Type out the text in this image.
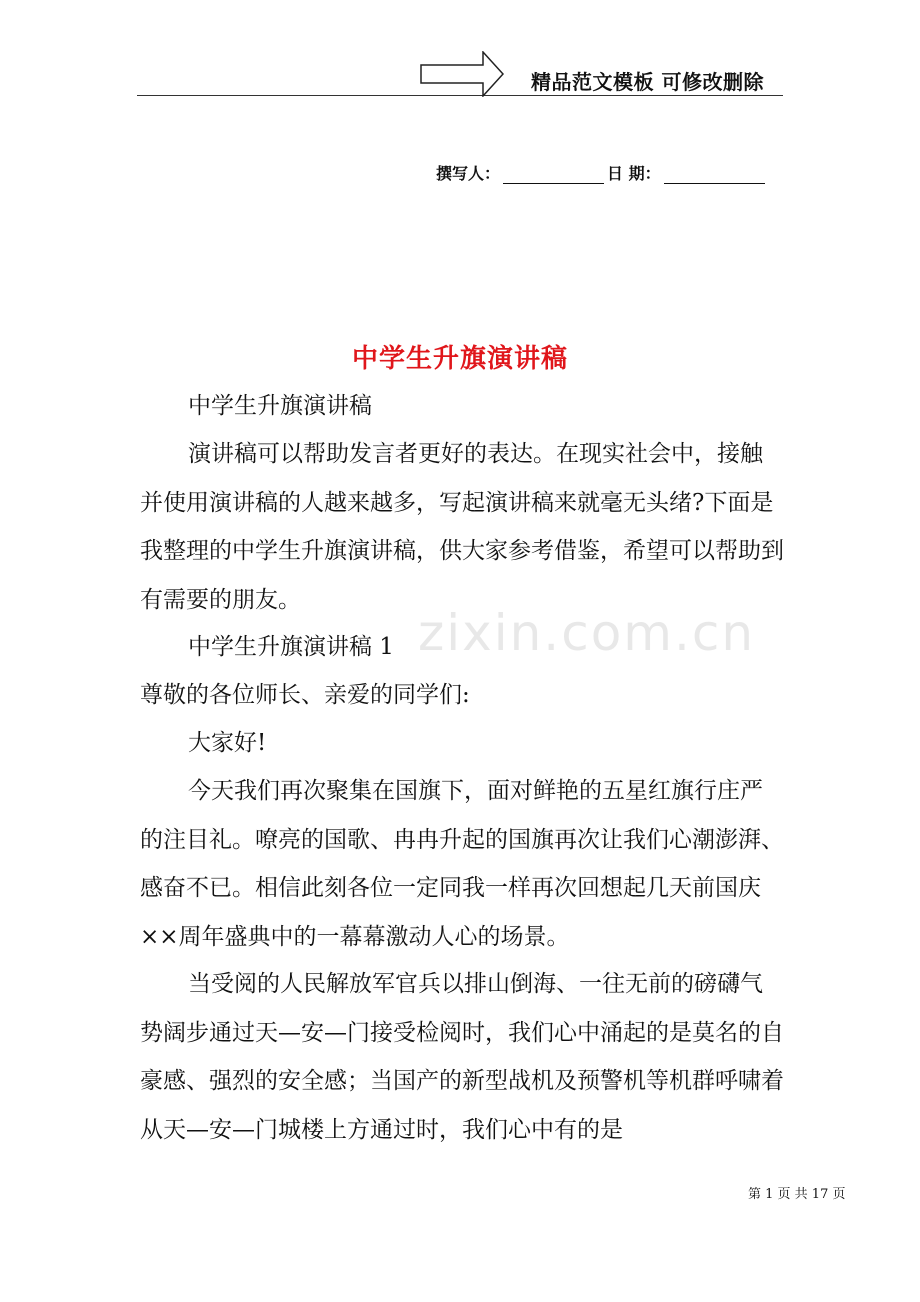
精品范文模板 可修改删除
撰写人：	日 期：
中学生升旗演讲稿

中学生升旗演讲稿

演讲稿可以帮助发言者更好的表达。在现实社会中，接触并使用演讲稿的人越来越多，写起演讲稿来就毫无头绪?下面是我整理的中学生升旗演讲稿，供大家参考借鉴，希望可以帮助到有需要的朋友。

中学生升旗演讲稿 1

尊敬的各位师长、亲爱的同学们:

大家好!

今天我们再次聚集在国旗下，面对鲜艳的五星红旗行庄严的注目礼。嘹亮的国歌、冉冉升起的国旗再次让我们心潮澎湃、感奋不已。相信此刻各位一定同我一样再次回想起几天前国庆××周年盛典中的一幕幕激动人心的场景。

当受阅的人民解放军官兵以排山倒海、一往无前的磅礴气势阔步通过天—安—门接受检阅时，我们心中涌起的是莫名的自豪感、强烈的安全感；当国产的新型战机及预警机等机群呼啸着从天—安—门城楼上方通过时，我们心中有的是

zixin.com.cn
第 1 页 共 17 页
